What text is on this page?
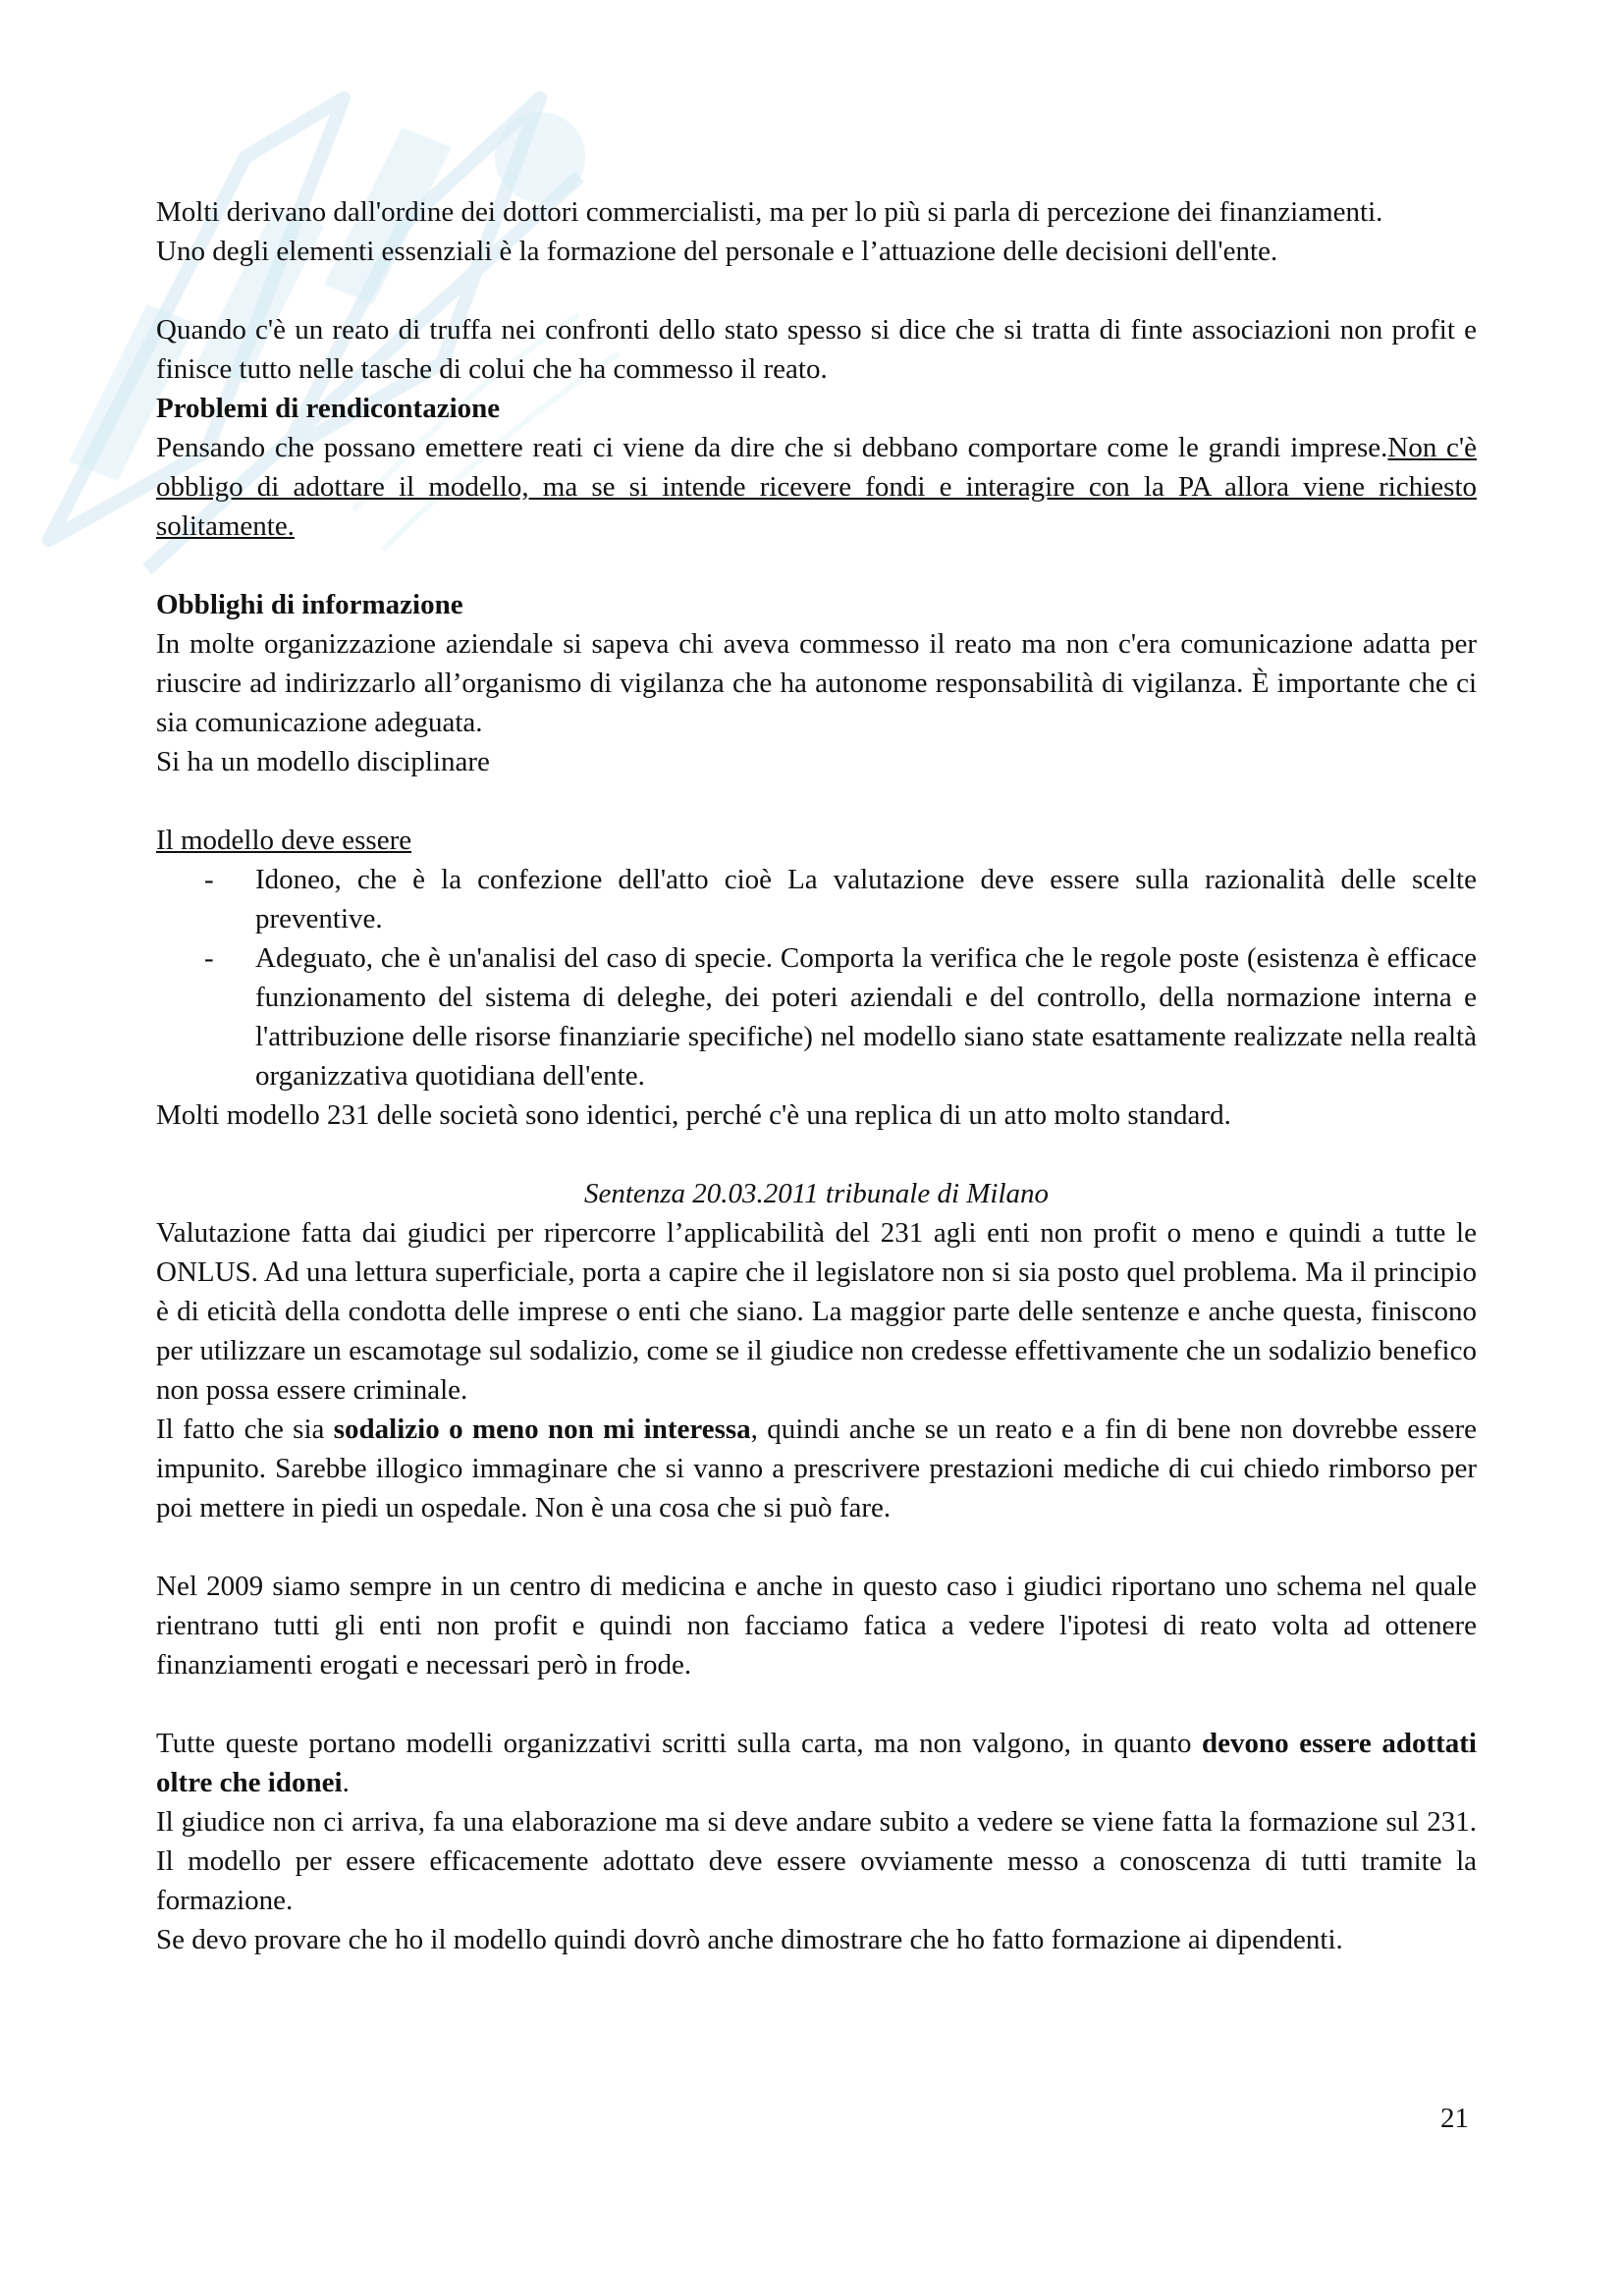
Molti derivano dall'ordine dei dottori commercialisti, ma per lo più si parla di percezione dei finanziamenti.

Uno degli elementi essenziali è la formazione del personale e l’attuazione delle decisioni dell'ente.

Quando c'è un reato di truffa nei confronti dello stato spesso si dice che si tratta di finte associazioni non profit e finisce tutto nelle tasche di colui che ha commesso il reato.

Problemi di rendicontazione

Pensando che possano emettere reati ci viene da dire che si debbano comportare come le grandi imprese.Non c'è obbligo di adottare il modello, ma se si intende ricevere fondi e interagire con la PA allora viene richiesto solitamente.

Obblighi di informazione

In molte organizzazione aziendale si sapeva chi aveva commesso il reato ma non c'era comunicazione adatta per riuscire ad indirizzarlo all’organismo di vigilanza che ha autonome responsabilità di vigilanza. È importante che ci sia comunicazione adeguata.

Si ha un modello disciplinare

Il modello deve essere

- Idoneo, che è la confezione dell'atto cioè La valutazione deve essere sulla razionalità delle scelte preventive.
- Adeguato, che è un'analisi del caso di specie. Comporta la verifica che le regole poste (esistenza è efficace funzionamento del sistema di deleghe, dei poteri aziendali e del controllo, della normazione interna e l'attribuzione delle risorse finanziarie specifiche) nel modello siano state esattamente realizzate nella realtà organizzativa quotidiana dell'ente.

Molti modello 231 delle società sono identici, perché c'è una replica di un atto molto standard.

Sentenza 20.03.2011 tribunale di Milano

Valutazione fatta dai giudici per ripercorre l’applicabilità del 231 agli enti non profit o meno e quindi a tutte le ONLUS. Ad una lettura superficiale, porta a capire che il legislatore non si sia posto quel problema. Ma il principio è di eticità della condotta delle imprese o enti che siano. La maggior parte delle sentenze e anche questa, finiscono per utilizzare un escamotage sul sodalizio, come se il giudice non credesse effettivamente che un sodalizio benefico non possa essere criminale.

Il fatto che sia sodalizio o meno non mi interessa, quindi anche se un reato e a fin di bene non dovrebbe essere impunito. Sarebbe illogico immaginare che si vanno a prescrivere prestazioni mediche di cui chiedo rimborso per poi mettere in piedi un ospedale. Non è una cosa che si può fare.

Nel 2009 siamo sempre in un centro di medicina e anche in questo caso i giudici riportano uno schema nel quale rientrano tutti gli enti non profit e quindi non facciamo fatica a vedere l'ipotesi di reato volta ad ottenere finanziamenti erogati e necessari però in frode.

Tutte queste portano modelli organizzativi scritti sulla carta, ma non valgono, in quanto devono essere adottati oltre che idonei.

Il giudice non ci arriva, fa una elaborazione ma si deve andare subito a vedere se viene fatta la formazione sul 231. Il modello per essere efficacemente adottato deve essere ovviamente messo a conoscenza di tutti tramite la formazione.

Se devo provare che ho il modello quindi dovrò anche dimostrare che ho fatto formazione ai dipendenti.

21
